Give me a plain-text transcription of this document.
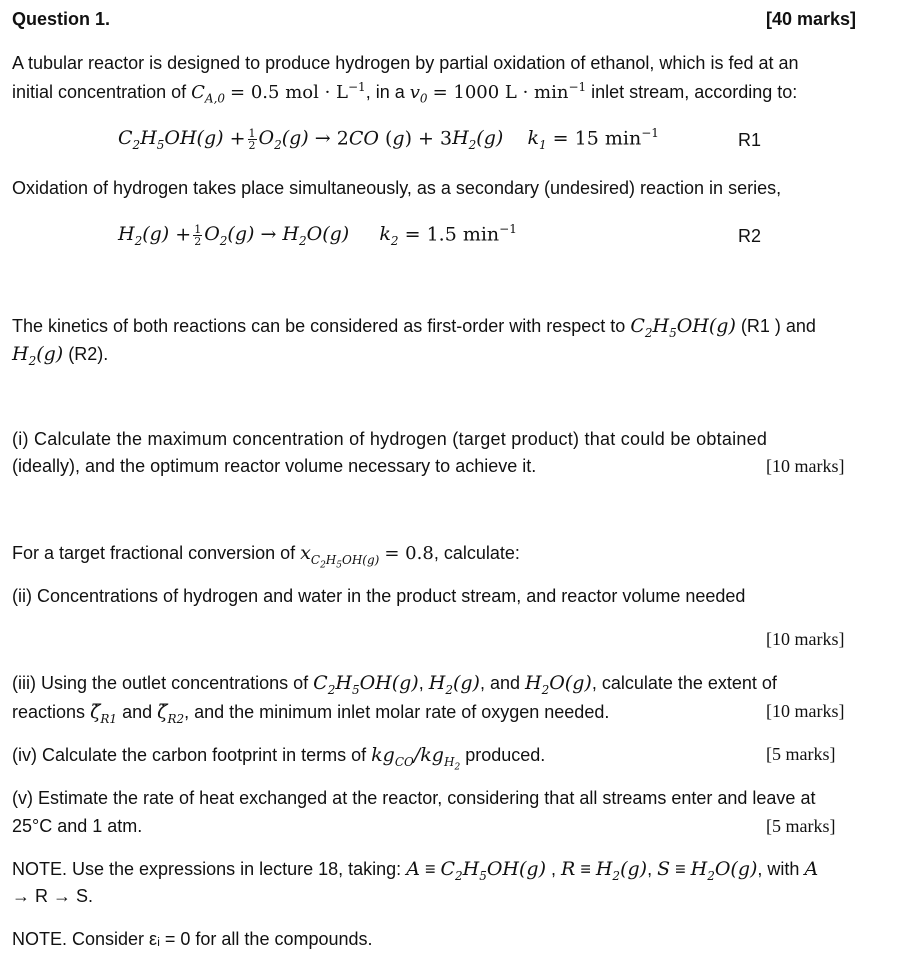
Question 1.	[40 marks]
A tubular reactor is designed to produce hydrogen by partial oxidation of ethanol, which is fed at an
initial concentration of $C_{A,0} = 0.5$ mol · $L^{-1}$, in a $v_0 = 1000$ $L \cdot \min^{-1}$ inlet stream, according to:
$C_2H_5OH(g) + \frac{1}{2} O_2(g) \to 2CO$ $(g) + 3H_2(g) k_1 = 15$ $\min^{-1}$	R1
Oxidation of hydrogen takes place simultaneously, as a secondary (undesired) reaction in series,
$H_2(g) + \frac{1}{2} O_2(g) \to H_2O(g) k_2 = 1.5$ $\min^{-1}$	R2
The kinetics of both reactions can be considered as first-order with respect to $C_2H_5OH(g)$ (R1 ) and
$H_2(g)$ (R2).
(i) Calculate the maximum concentration of hydrogen (target product) that could be obtained
(ideally), and the optimum reactor volume necessary to achieve it.	[10 marks]
For a target fractional conversion of $x_{C_2H_5OH(g)} = 0.8$, calculate:
(ii) Concentrations of hydrogen and water in the product stream, and reactor volume needed
[10 marks]
(iii) Using the outlet concentrations of $C_2H_5OH(g)$, $H_2(g)$, and $H_2O(g)$, calculate the extent of
reactions $\zetȧ_{R1}$ and $\zetȧ_{R2}$, and the minimum inlet molar rate of oxygen needed.	[10 marks]
(iv) Calculate the carbon footprint in terms of $kg_{CO}/kg_{H_2}$ produced.	[5 marks]
(v) Estimate the rate of heat exchanged at the reactor, considering that all streams enter and leave at
25°C and 1 atm.	[5 marks]
NOTE. Use the expressions in lecture 18, taking: $A \equiv C_2H_5OH(g)$ , $R \equiv H_2(g)$, $S \equiv H_2O(g)$, with A
→ R → S.
NOTE. Consider εᵢ = 0 for all the compounds.
